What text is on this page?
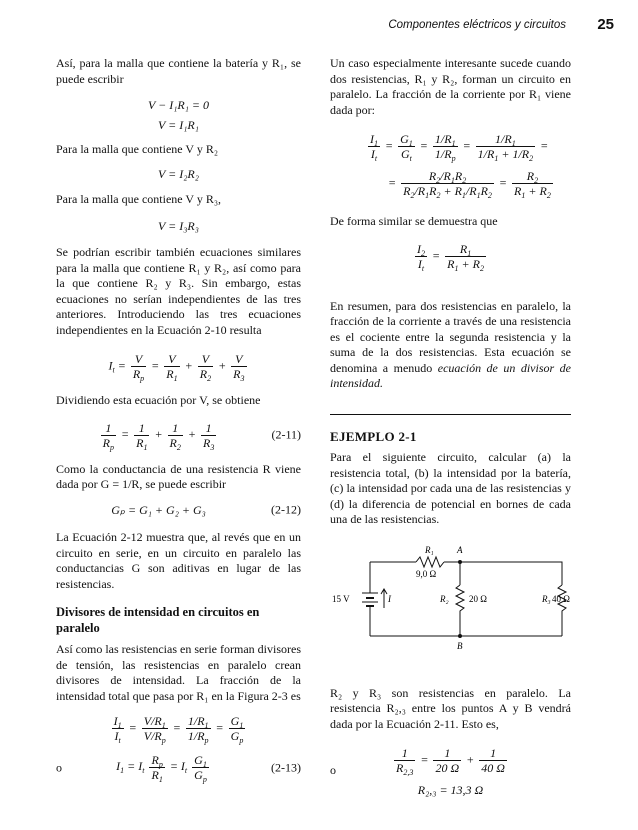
Componentes eléctricos y circuitos 25

Así, para la malla que contiene la batería y R₁, se puede escribir

V − I₁R₁ = 0
V = I₁R₁

Para la malla que contiene V y R₂

V = I₂R₂

Para la malla que contiene V y R₃,

V = I₃R₃

Se podrían escribir también ecuaciones similares para la malla que contiene R₁ y R₂, así como para la que contiene R₂ y R₃. Sin embargo, estas ecuaciones no serían independientes de las tres anteriores. Introduciendo las tres ecuaciones independientes en la Ecuación 2-10 resulta

$I_t = \frac{V}{R_p} = \frac{V}{R_1} + \frac{V}{R_2} + \frac{V}{R_3}$

Dividiendo esta ecuación por V, se obtiene

$\frac{1}{R_p} = \frac{1}{R_1} + \frac{1}{R_2} + \frac{1}{R_3}$	(2-11)

Como la conductancia de una resistencia R viene dada por G = 1/R, se puede escribir

Gₚ = G₁ + G₂ + G₃	(2-12)

La Ecuación 2-12 muestra que, al revés que en un circuito en serie, en un circuito en paralelo las conductancias G son aditivas en lugar de las resistencias.

Divisores de intensidad en circuitos en paralelo

Así como las resistencias en serie forman divisores de tensión, las resistencias en paralelo crean divisores de intensidad. La fracción de la intensidad total que pasa por R₁ en la Figura 2-3 es

$\frac{I_1}{I_t} = \frac{V/R_1}{V/R_p} = \frac{1/R_1}{1/R_p} = \frac{G_1}{G_p}$
o	$I_1 = I_t \frac{R_p}{R_1} = I_t \frac{G_1}{G_p}$	(2-13)

Un caso especialmente interesante sucede cuando dos resistencias, R₁ y R₂, forman un circuito en paralelo. La fracción de la corriente por R₁ viene dada por:

$\frac{I_1}{I_t} = \frac{G_1}{G_t} = \frac{1/R_1}{1/R_p} = \frac{1/R_1}{1/R_1 + 1/R_2}$ =
= $\frac{R_2/R_1R_2}{R_2/R_1R_2 + R_1/R_1R_2} = \frac{R_2}{R_1 + R_2}$

De forma similar se demuestra que

$\frac{I_2}{I_t} = \frac{R_1}{R_1 + R_2}$

En resumen, para dos resistencias en paralelo, la fracción de la corriente a través de una resistencia es el cociente entre la segunda resistencia y la suma de la dos resistencias. Esta ecuación se denomina a menudo ecuación de un divisor de intensidad.

EJEMPLO 2-1

Para el siguiente circuito, calcular (a) la resistencia total, (b) la intensidad por la batería, (c) la intensidad por cada una de las resistencias y (d) la diferencia de potencial en bornes de cada una de las resistencias.

R₁
9,0 Ω
A
B
15 V	I	R₂ 20 Ω	R₃ 40 Ω

R₂ y R₃ son resistencias en paralelo. La resistencia R₂,₃ entre los puntos A y B vendrá dada por la Ecuación 2-11. Esto es,

o	$\frac{1}{R_{2,3}} = \frac{1}{20 \Omega} + \frac{1}{40 \Omega}$
R₂,₃ = 13,3 Ω
